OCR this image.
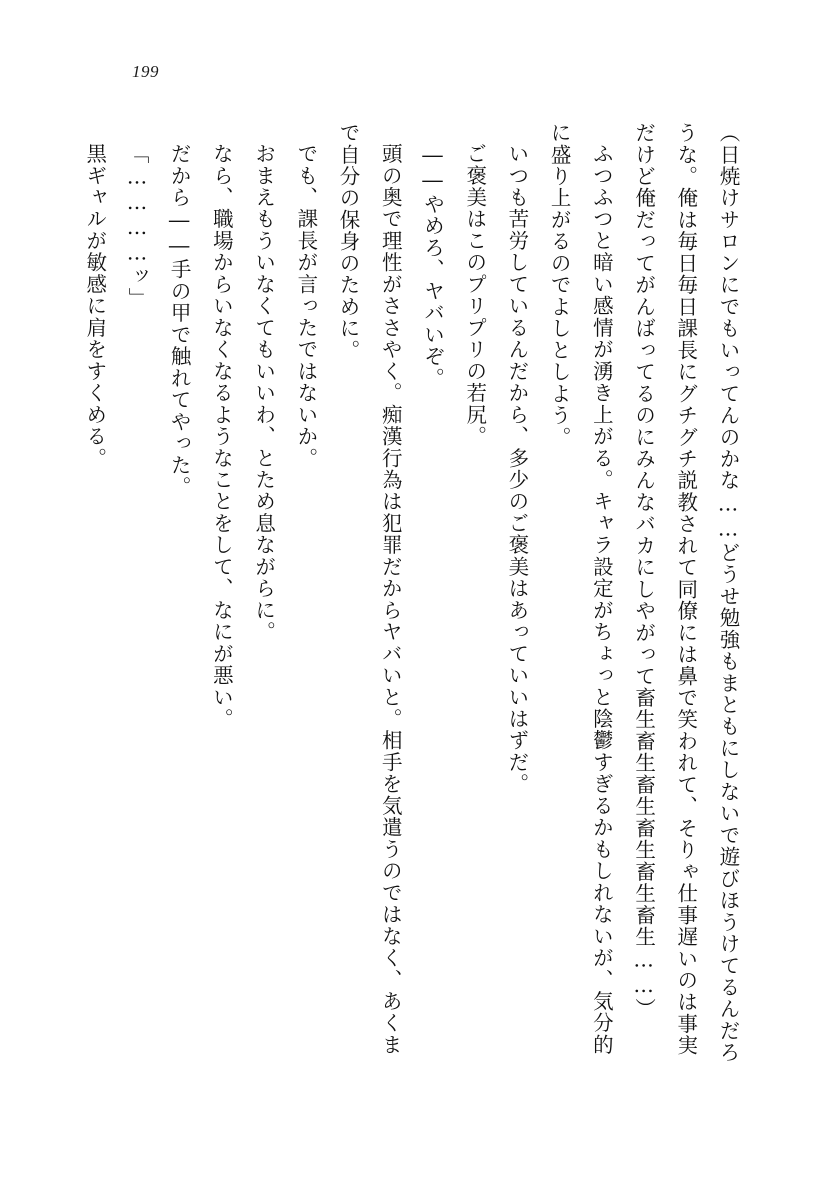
199

（日焼けサロンにでもいってんのかな……どうせ勉強もまともにしないで遊びほうけてるんだろうな。俺は毎日毎日課長にグチグチ説教されて同僚には鼻で笑われて、そりゃ仕事遅いのは事実だけど俺だってがんばってるのにみんなバカにしやがって畜生畜生畜生畜生畜生畜生……）

ふつふつと暗い感情が湧き上がる。キャラ設定がちょっと陰鬱すぎるかもしれないが、気分的に盛り上がるのでよしとしよう。

いつも苦労しているんだから、多少のご褒美はあっていいはずだ。

ご褒美はこのプリプリの若尻。

――やめろ、ヤバいぞ。

頭の奥で理性がささやく。痴漢行為は犯罪だからヤバいと。相手を気遣うのではなく、あくまで自分の保身のために。

でも、課長が言ったではないか。

おまえもういなくてもいいわ、とため息ながらに。

なら、職場からいなくなるようなことをして、なにが悪い。

だから――手の甲で触れてやった。

「…………ッ」

黒ギャルが敏感に肩をすくめる。
